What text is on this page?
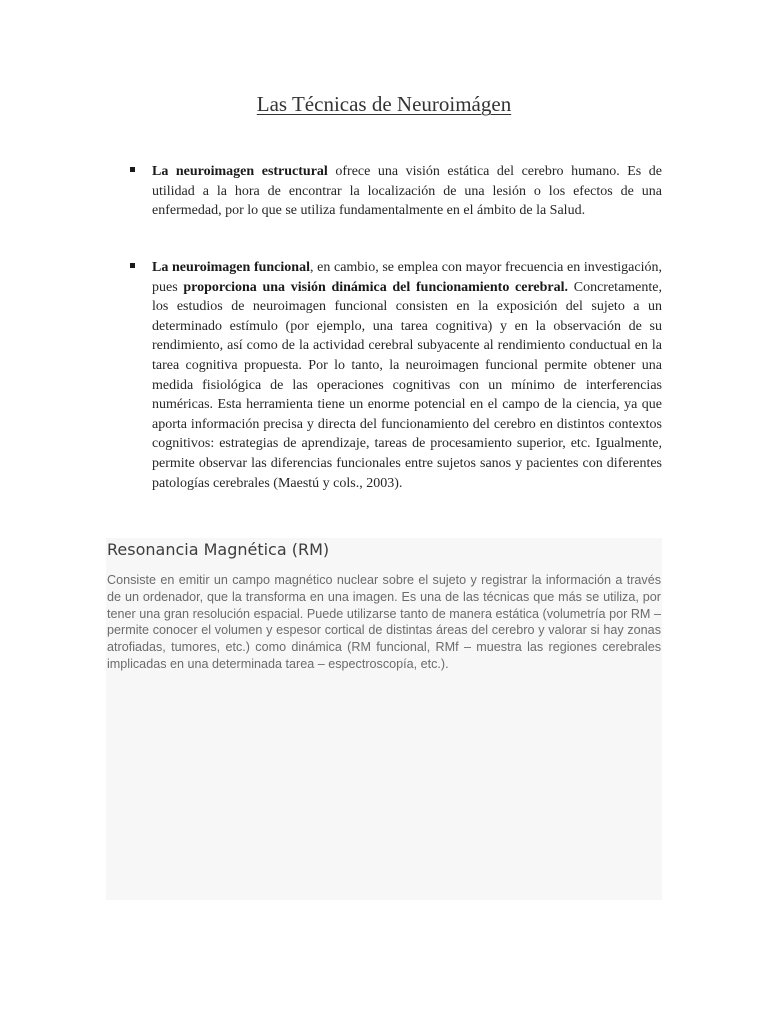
Las Técnicas de Neuroimágen
La neuroimagen estructural ofrece una visión estática del cerebro humano. Es de utilidad a la hora de encontrar la localización de una lesión o los efectos de una enfermedad, por lo que se utiliza fundamentalmente en el ámbito de la Salud.
La neuroimagen funcional, en cambio, se emplea con mayor frecuencia en investigación, pues proporciona una visión dinámica del funcionamiento cerebral. Concretamente, los estudios de neuroimagen funcional consisten en la exposición del sujeto a un determinado estímulo (por ejemplo, una tarea cognitiva) y en la observación de su rendimiento, así como de la actividad cerebral subyacente al rendimiento conductual en la tarea cognitiva propuesta. Por lo tanto, la neuroimagen funcional permite obtener una medida fisiológica de las operaciones cognitivas con un mínimo de interferencias numéricas. Esta herramienta tiene un enorme potencial en el campo de la ciencia, ya que aporta información precisa y directa del funcionamiento del cerebro en distintos contextos cognitivos: estrategias de aprendizaje, tareas de procesamiento superior, etc. Igualmente, permite observar las diferencias funcionales entre sujetos sanos y pacientes con diferentes patologías cerebrales (Maestú y cols., 2003).
Resonancia Magnética (RM)

Consiste en emitir un campo magnético nuclear sobre el sujeto y registrar la información a través de un ordenador, que la transforma en una imagen. Es una de las técnicas que más se utiliza, por tener una gran resolución espacial. Puede utilizarse tanto de manera estática (volumetría por RM – permite conocer el volumen y espesor cortical de distintas áreas del cerebro y valorar si hay zonas atrofiadas, tumores, etc.) como dinámica (RM funcional, RMf – muestra las regiones cerebrales implicadas en una determinada tarea – espectroscopía, etc.).
